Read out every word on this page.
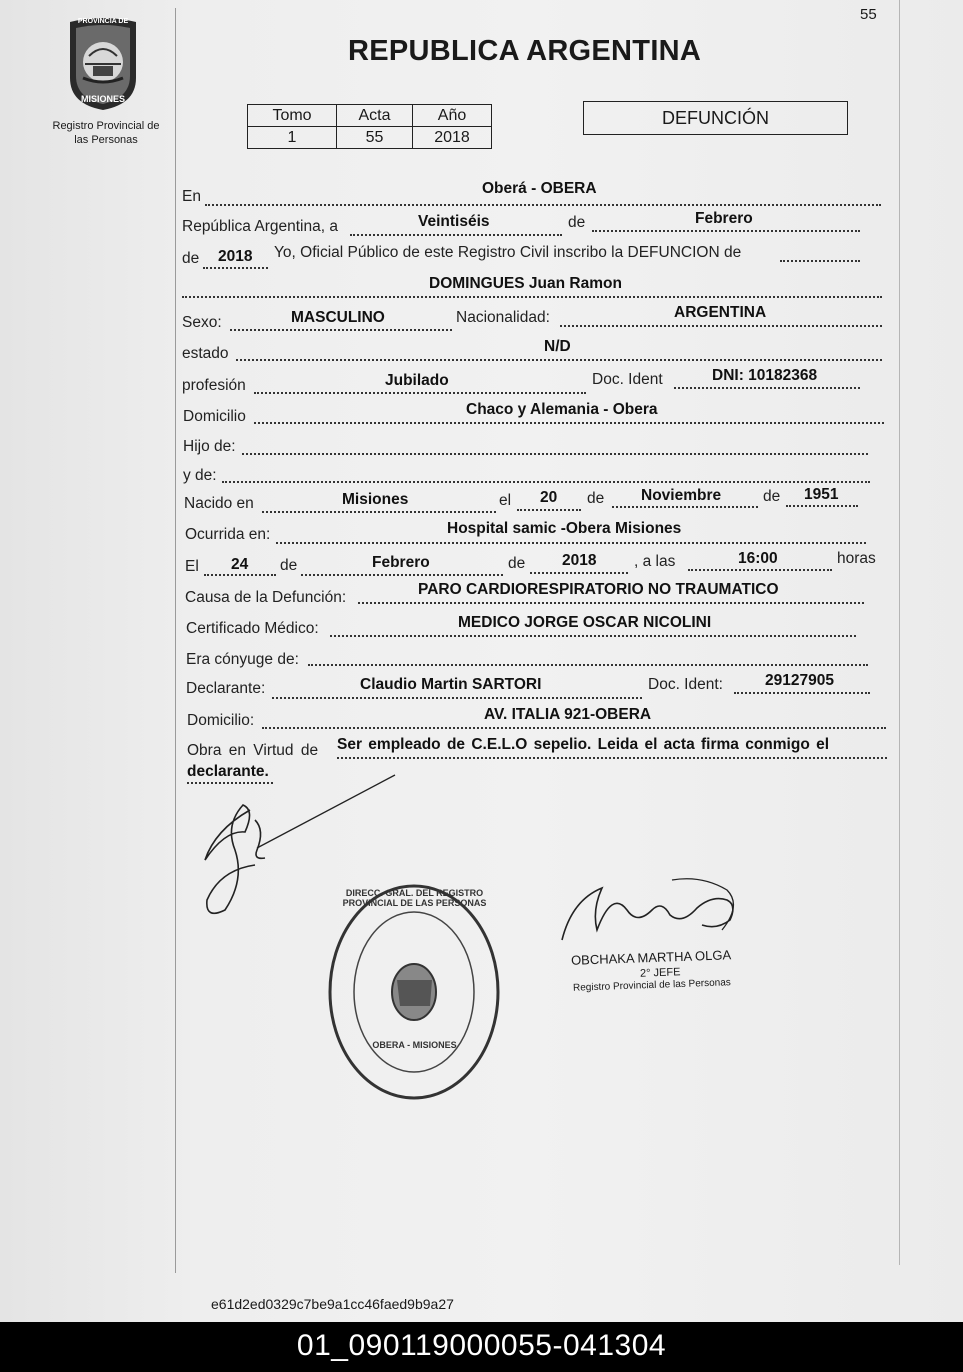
55
PROVINCIA DE
MISIONES
Registro Provincial de
las Personas
REPUBLICA ARGENTINA
Tomo	Acta	Año
1	55	2018
DEFUNCIÓN
En	Oberá - OBERA
República Argentina, a	Veintiséis	de	Febrero
de 2018 Yo, Oficial Público de este Registro Civil inscribo la DEFUNCION de
DOMINGUES Juan Ramon
Sexo:	MASCULINO	Nacionalidad:	ARGENTINA
estado	N/D
profesión	Jubilado	Doc. Ident	DNI: 10182368
Domicilio	Chaco y Alemania - Obera
Hijo de:
y de:
Nacido en	Misiones	el 20 de Noviembre	de 1951
Ocurrida en:	Hospital samic -Obera Misiones
El 24 de	Febrero	de 2018 , a las	16:00	horas
Causa de la Defunción:	PARO CARDIORESPIRATORIO NO TRAUMATICO
Certificado Médico:	MEDICO JORGE OSCAR NICOLINI
Era cónyuge de:
Declarante:	Claudio Martin SARTORI	Doc. Ident:	29127905
Domicilio:	AV. ITALIA 921-OBERA
Obra en Virtud de Ser empleado de C.E.L.O sepelio. Leida el acta firma conmigo el
declarante.
OBCHAKA MARTHA OLGA
2° JEFE
Registro Provincial de las Personas
DIRECC. GRAL. DEL REGISTRO PROVINCIAL DE LAS PERSONAS
OBERA - MISIONES
e61d2ed0329c7be9a1cc46faed9b9a27
01_090119000055-041304
